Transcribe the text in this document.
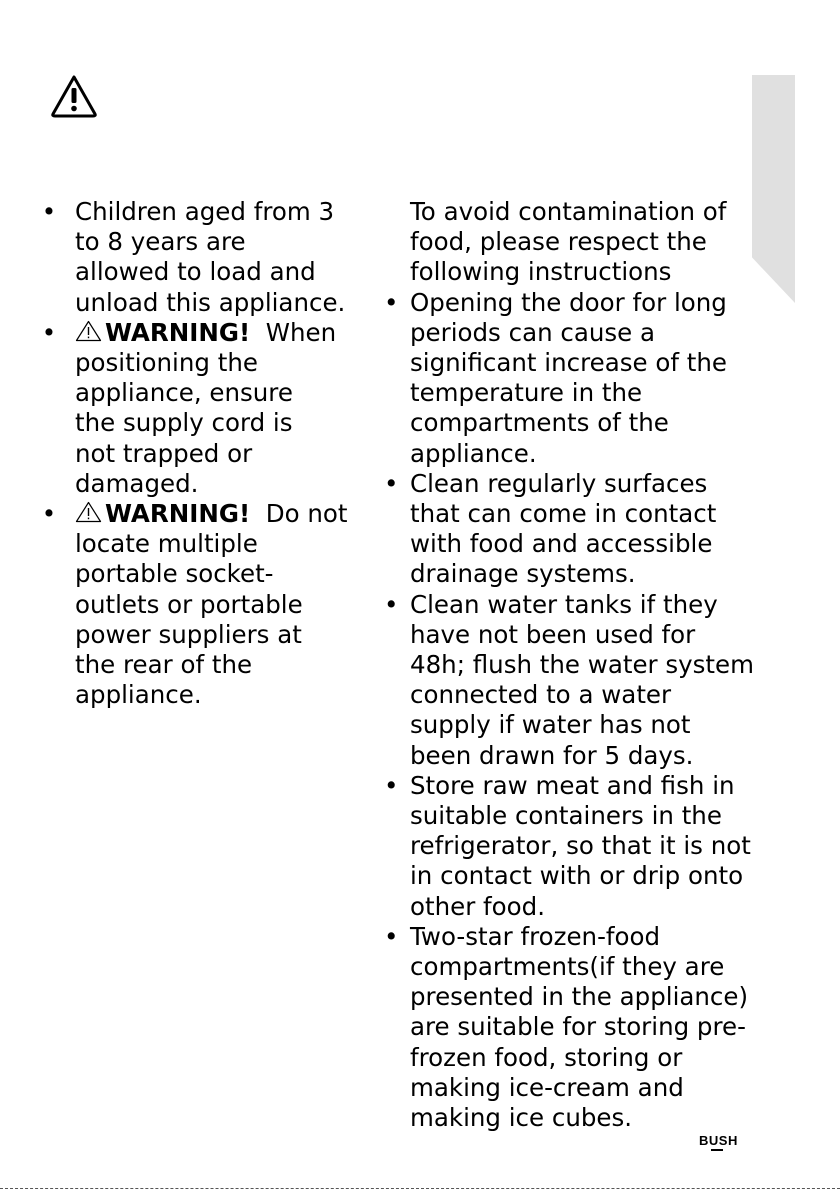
• Children aged from 3
to 8 years are
allowed to load and
unload this appliance.
•	WARNING! When
positioning the
appliance, ensure
the supply cord is
not trapped or
damaged.
•	WARNING! Do not
locate multiple
portable socket-
outlets or portable
power suppliers at
the rear of the
appliance.
To avoid contamination of
food, please respect the
following instructions
• Opening the door for long
periods can cause a
significant increase of the
temperature in the
compartments of the
appliance.
• Clean regularly surfaces
that can come in contact
with food and accessible
drainage systems.
• Clean water tanks if they
have not been used for
48h; flush the water system
connected to a water
supply if water has not
been drawn for 5 days.
• Store raw meat and fish in
suitable containers in the
refrigerator, so that it is not
in contact with or drip onto
other food.
• Two-star frozen-food
compartments(if they are
presented in the appliance)
are suitable for storing pre-
frozen food, storing or
making ice-cream and
making ice cubes.
BUSH
